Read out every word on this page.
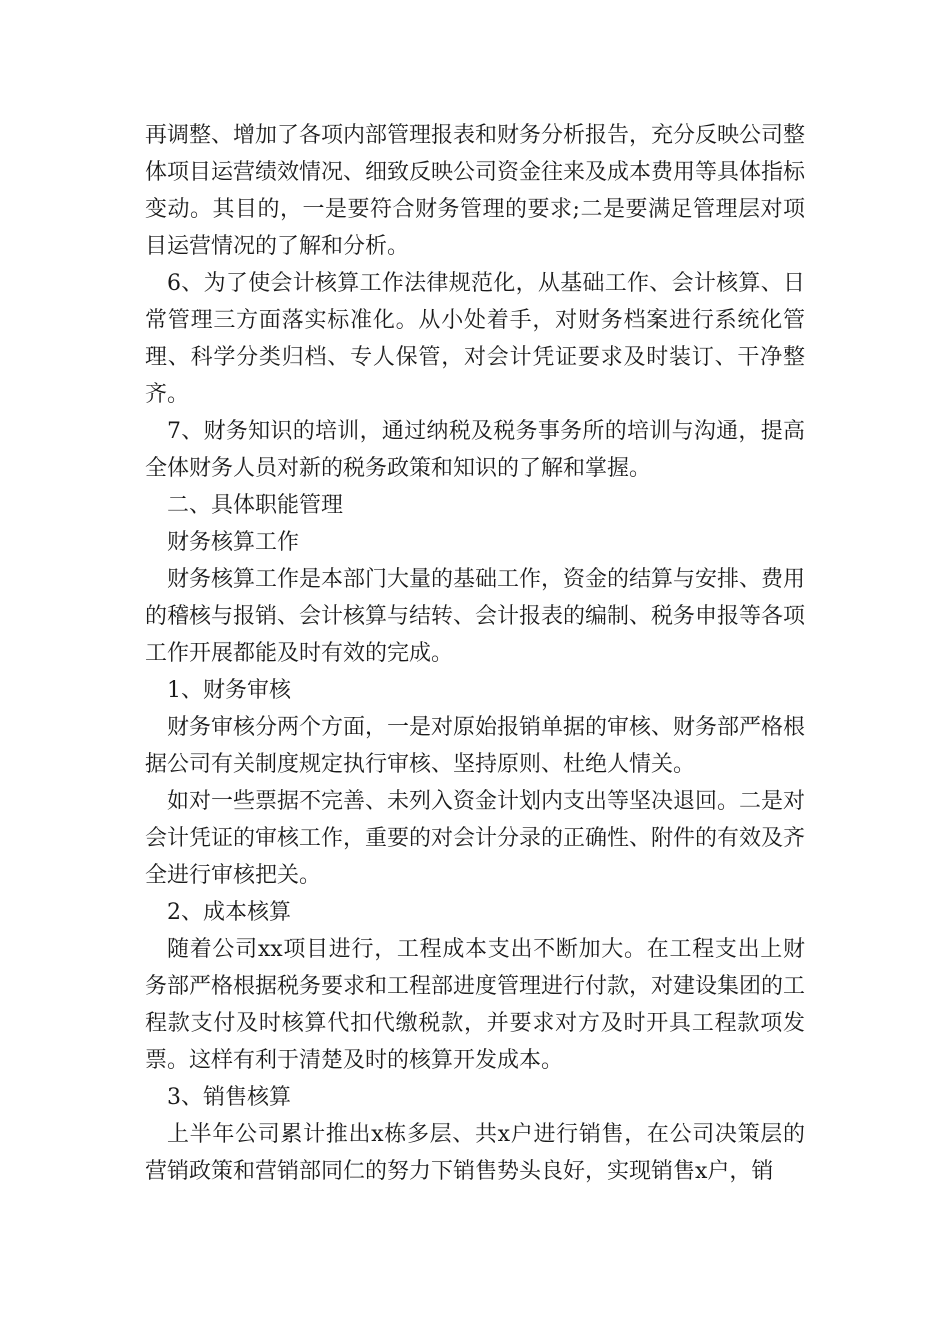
再调整、增加了各项内部管理报表和财务分析报告，充分反映公司整体项目运营绩效情况、细致反映公司资金往来及成本费用等具体指标变动。其目的，一是要符合财务管理的要求;二是要满足管理层对项目运营情况的了解和分析。

6、为了使会计核算工作法律规范化，从基础工作、会计核算、日常管理三方面落实标准化。从小处着手，对财务档案进行系统化管理、科学分类归档、专人保管，对会计凭证要求及时装订、干净整齐。

7、财务知识的培训，通过纳税及税务事务所的培训与沟通，提高全体财务人员对新的税务政策和知识的了解和掌握。

二、具体职能管理

财务核算工作

财务核算工作是本部门大量的基础工作，资金的结算与安排、费用的稽核与报销、会计核算与结转、会计报表的编制、税务申报等各项工作开展都能及时有效的完成。

1、财务审核

财务审核分两个方面，一是对原始报销单据的审核、财务部严格根据公司有关制度规定执行审核、坚持原则、杜绝人情关。

如对一些票据不完善、未列入资金计划内支出等坚决退回。二是对会计凭证的审核工作，重要的对会计分录的正确性、附件的有效及齐全进行审核把关。

2、成本核算

随着公司xx项目进行，工程成本支出不断加大。在工程支出上财务部严格根据税务要求和工程部进度管理进行付款，对建设集团的工程款支付及时核算代扣代缴税款，并要求对方及时开具工程款项发票。这样有利于清楚及时的核算开发成本。

3、销售核算

上半年公司累计推出x栋多层、共x户进行销售，在公司决策层的营销政策和营销部同仁的努力下销售势头良好，实现销售x户，销
